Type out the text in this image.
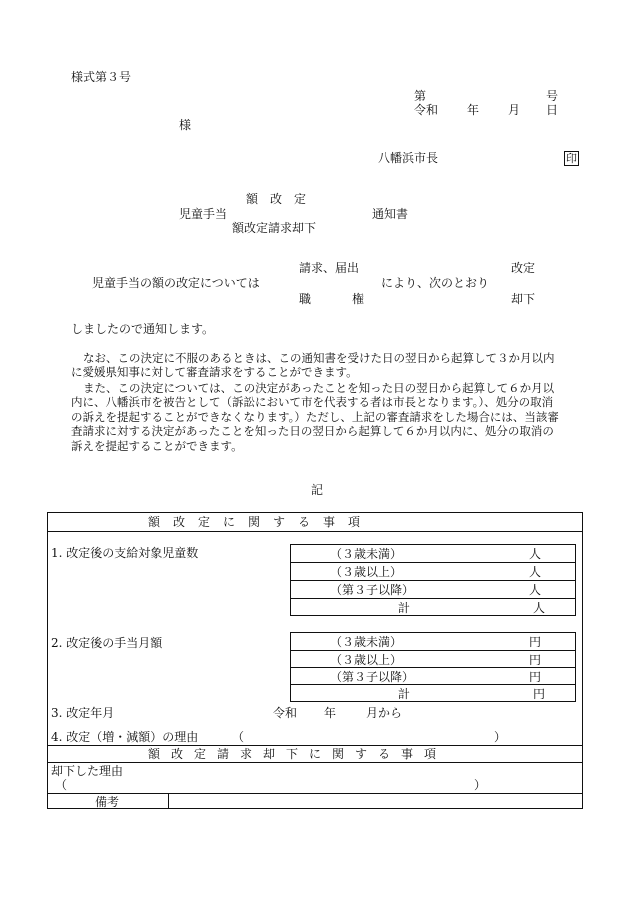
様式第３号
第	号
令和 年 月 日
様
八幡浜市長	印
額　改　定
児童手当
額改定請求却下
通知書
請求、届出
児童手当の額の改定については
職	権
により、次のとおり
改定
却下
しましたので通知します。
なお、この決定に不服のあるときは、この通知書を受けた日の翌日から起算して３か月以内に愛媛県知事に対して審査請求をすることができます。
また、この決定については、この決定があったことを知った日の翌日から起算して６か月以内に、八幡浜市を被告として（訴訟において市を代表する者は市長となります。）、処分の取消の訴えを提起することができなくなります。）ただし、上記の審査請求をした場合には、当該審査請求に対する決定があったことを知った日の翌日から起算して６か月以内に、処分の取消の訴えを提起することができます。
記
額改定に関する事項
1. 改定後の支給対象児童数	（３歳未満）	人
（３歳以上）	人
（第３子以降）	人
計	人
2. 改定後の手当月額	（３歳未満）	円
（３歳以上）	円
（第３子以降）	円
計	円
3. 改定年月	令和 年 月から
4. 改定（増・減額）の理由	（	）
額改定請求却下に関する事項
却下した理由
（	）
備考
